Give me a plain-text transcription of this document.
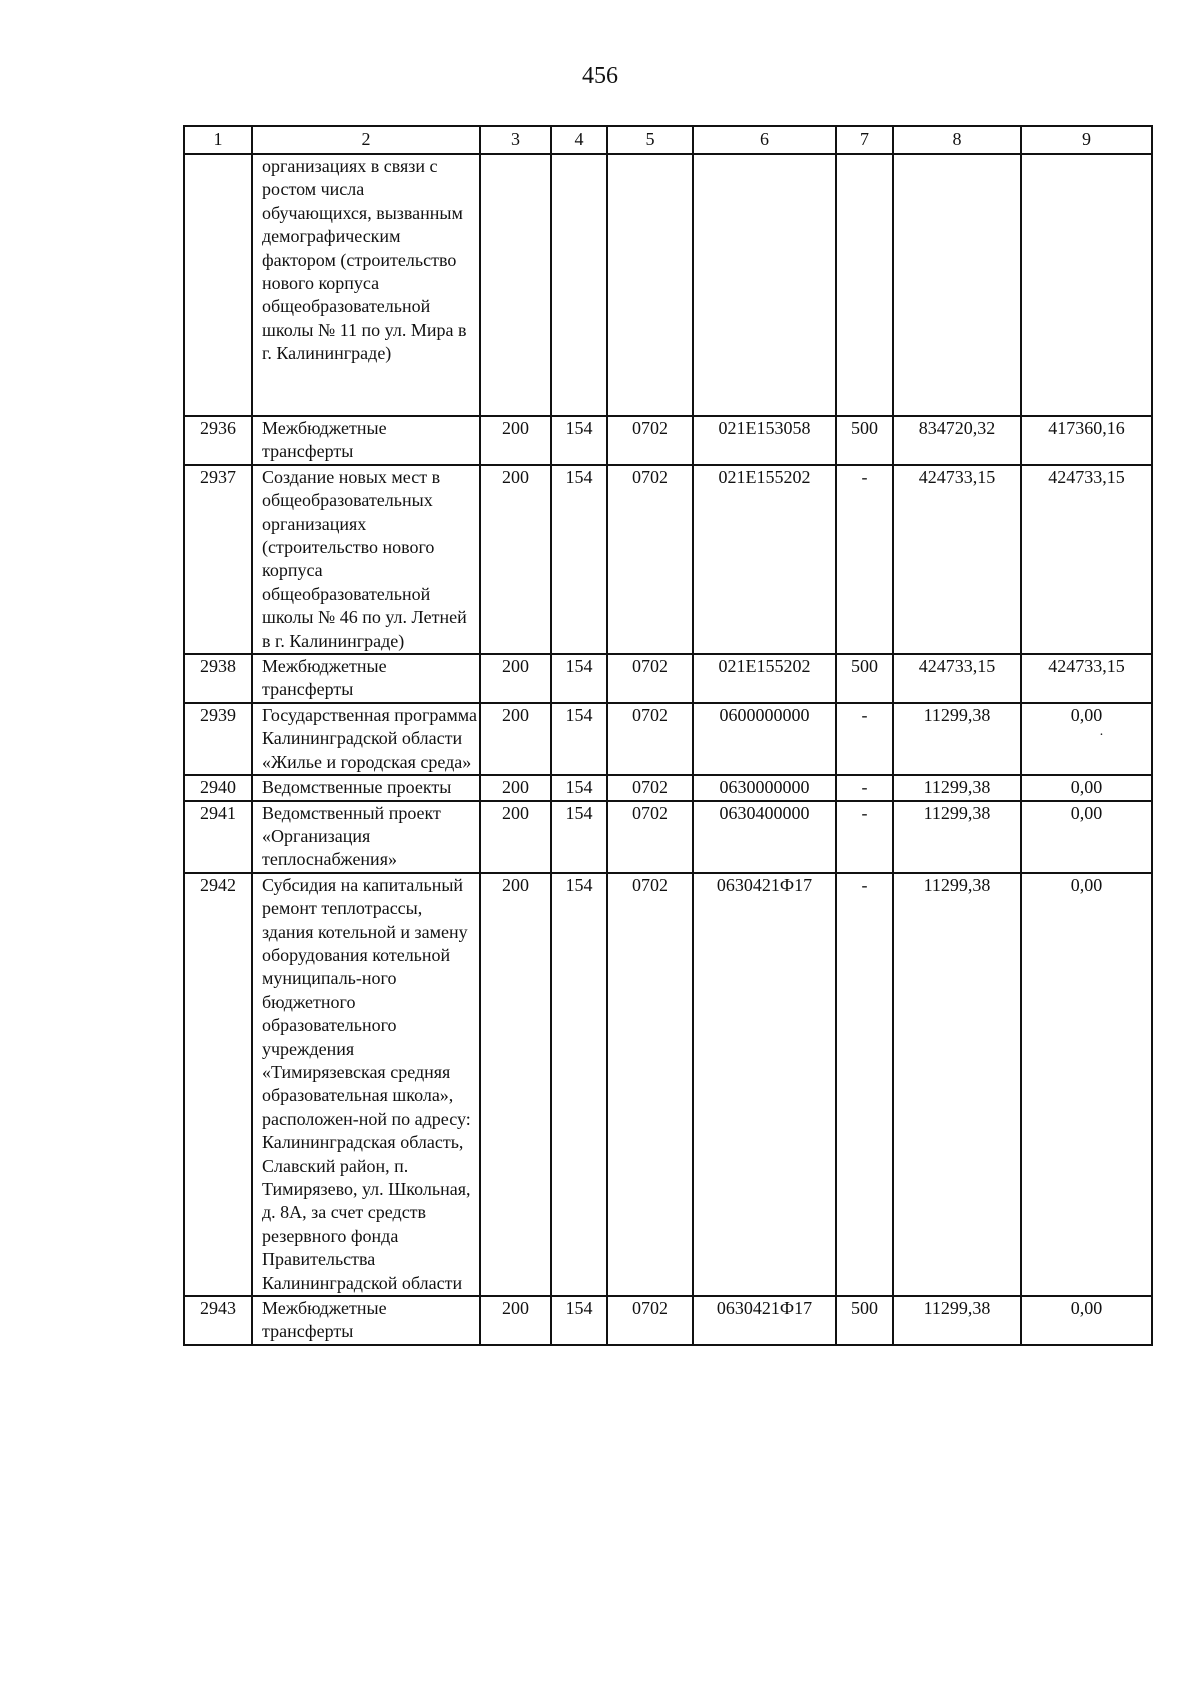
456
1	2	3	4	5	6	7	8	9
	организациях в связи с ростом числа обучающихся, вызванным демографическим фактором (строительство нового корпуса общеобразовательной школы № 11 по ул. Мира в г. Калининграде)							
2936	Межбюджетные трансферты	200	154	0702	021E153058	500	834720,32	417360,16
2937	Создание новых мест в общеобразовательных организациях (строительство нового корпуса общеобразовательной школы № 46 по ул. Летней в г. Калининграде)	200	154	0702	021E155202	-	424733,15	424733,15
2938	Межбюджетные трансферты	200	154	0702	021E155202	500	424733,15	424733,15
2939	Государственная программа Калининградской области «Жилье и городская среда»	200	154	0702	0600000000	-	11299,38	0,00
·

2940	Ведомственные проекты	200	154	0702	0630000000	-	11299,38	0,00
2941	Ведомственный проект «Организация теплоснабжения»	200	154	0702	0630400000	-	11299,38	0,00
2942	Субсидия на капитальный ремонт теплотрассы, здания котельной и замену оборудования котельной муниципаль-ного бюджетного образовательного учреждения «Тимирязевская средняя образовательная школа», расположен-ной по адресу: Калининградская область, Славский район, п. Тимирязево, ул. Школьная, д. 8А, за счет средств резервного фонда Правительства Калининградской области	200	154	0702	0630421Ф17	-	11299,38	0,00
2943	Межбюджетные трансферты	200	154	0702	0630421Ф17	500	11299,38	0,00
